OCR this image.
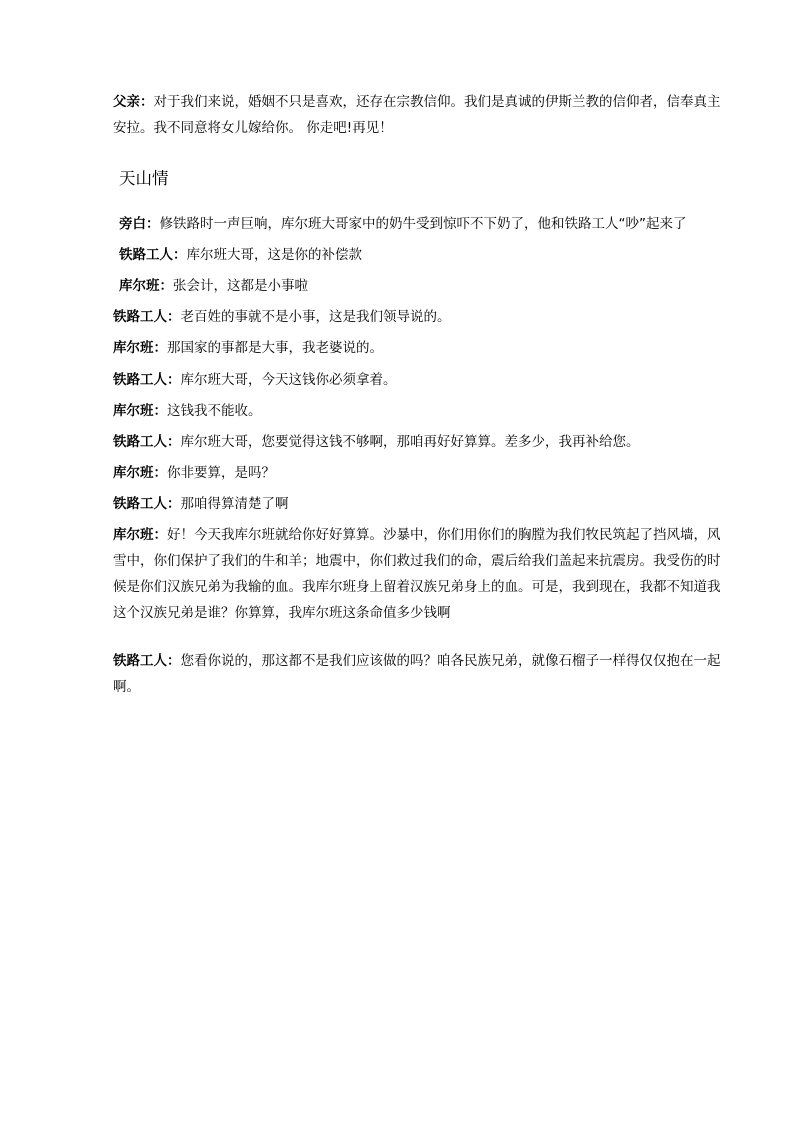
父亲：对于我们来说，婚姻不只是喜欢，还存在宗教信仰。我们是真诚的伊斯兰教的信仰者，信奉真主安拉。我不同意将女儿嫁给你。 你走吧!再见！

天山情

旁白：修铁路时一声巨响，库尔班大哥家中的奶牛受到惊吓不下奶了，他和铁路工人“吵”起来了

铁路工人：库尔班大哥，这是你的补偿款

库尔班：张会计，这都是小事啦

铁路工人：老百姓的事就不是小事，这是我们领导说的。

库尔班：那国家的事都是大事，我老婆说的。

铁路工人：库尔班大哥，今天这钱你必须拿着。

库尔班：这钱我不能收。

铁路工人：库尔班大哥，您要觉得这钱不够啊，那咱再好好算算。差多少，我再补给您。

库尔班：你非要算，是吗？

铁路工人：那咱得算清楚了啊

库尔班：好！今天我库尔班就给你好好算算。沙暴中，你们用你们的胸膛为我们牧民筑起了挡风墙，风雪中，你们保护了我们的牛和羊；地震中，你们救过我们的命，震后给我们盖起来抗震房。我受伤的时候是你们汉族兄弟为我输的血。我库尔班身上留着汉族兄弟身上的血。可是，我到现在，我都不知道我这个汉族兄弟是谁？你算算，我库尔班这条命值多少钱啊

铁路工人：您看你说的，那这都不是我们应该做的吗？咱各民族兄弟，就像石榴子一样得仅仅抱在一起啊。
